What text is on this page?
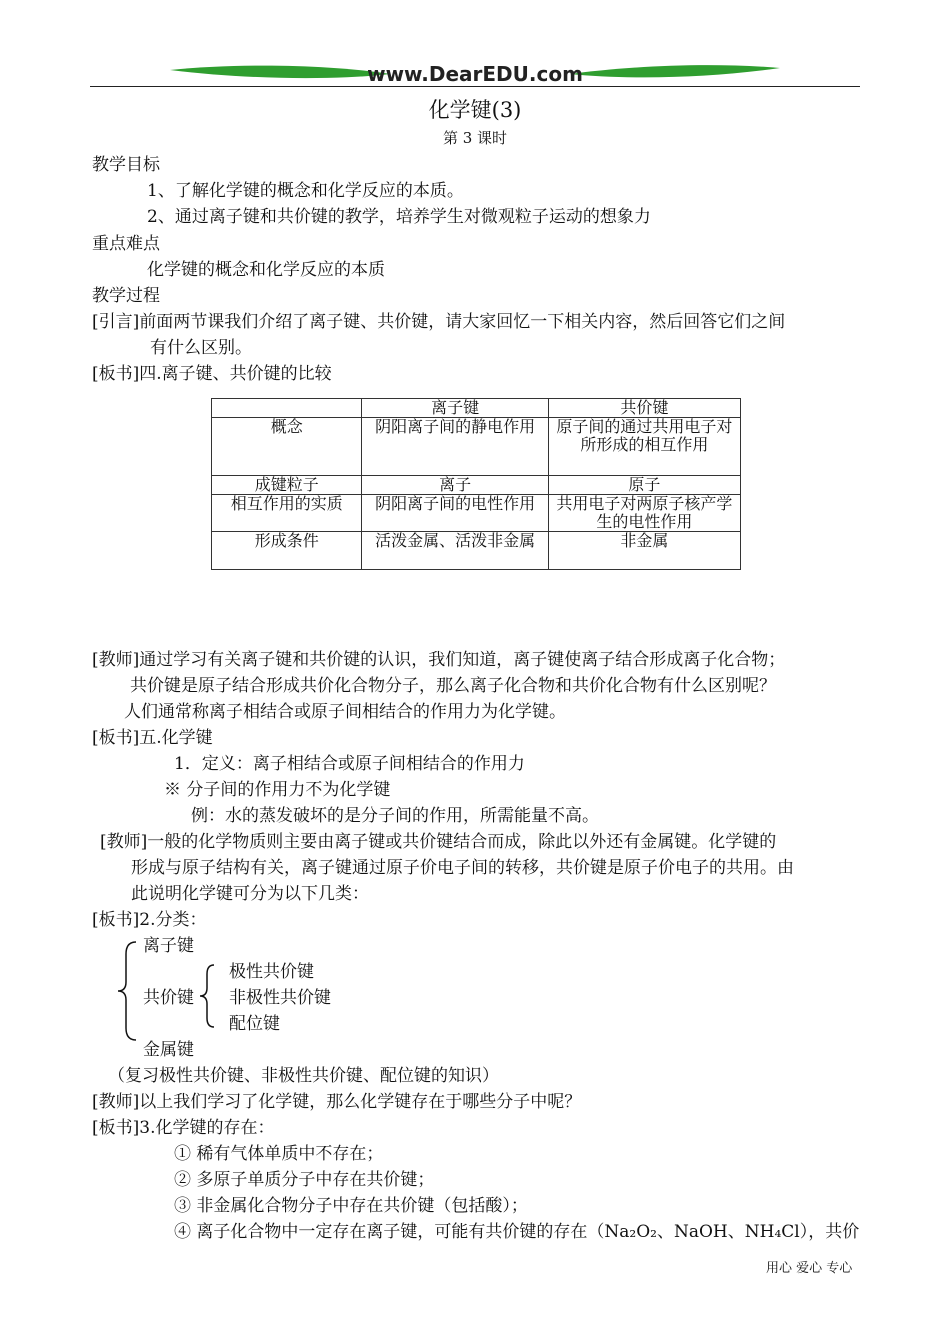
www.DearEDU.com
化学键(3)
第 3 课时
教学目标
1、了解化学键的概念和化学反应的本质。
2、通过离子键和共价键的教学，培养学生对微观粒子运动的想象力
重点难点
化学键的概念和化学反应的本质
教学过程
[引言]前面两节课我们介绍了离子键、共价键，请大家回忆一下相关内容，然后回答它们之间
有什么区别。
[板书]四.离子键、共价键的比较
	离子键	共价键
概念	阴阳离子间的静电作用	原子间的通过共用电子对所形成的相互作用
成键粒子	离子	原子
相互作用的实质	阴阳离子间的电性作用	共用电子对两原子核产学生的电性作用
形成条件	活泼金属、活泼非金属	非金属
[教师]通过学习有关离子键和共价键的认识，我们知道，离子键使离子结合形成离子化合物；
共价键是原子结合形成共价化合物分子，那么离子化合物和共价化合物有什么区别呢？
人们通常称离子相结合或原子间相结合的作用力为化学键。
[板书]五.化学键
1．定义：离子相结合或原子间相结合的作用力
※ 分子间的作用力不为化学键
例：水的蒸发破坏的是分子间的作用，所需能量不高。
[教师]一般的化学物质则主要由离子键或共价键结合而成，除此以外还有金属键。化学键的
形成与原子结构有关，离子键通过原子价电子间的转移，共价键是原子价电子的共用。由
此说明化学键可分为以下几类：
[板书]2.分类：
离子键
共价键
极性共价键
非极性共价键
配位键
金属键
（复习极性共价键、非极性共价键、配位键的知识）
[教师]以上我们学习了化学键，那么化学键存在于哪些分子中呢？
[板书]3.化学键的存在：
① 稀有气体单质中不存在；
② 多原子单质分子中存在共价键；
③ 非金属化合物分子中存在共价键（包括酸）；
④ 离子化合物中一定存在离子键，可能有共价键的存在（Na₂O₂、NaOH、NH₄Cl），共价
用心 爱心 专心
